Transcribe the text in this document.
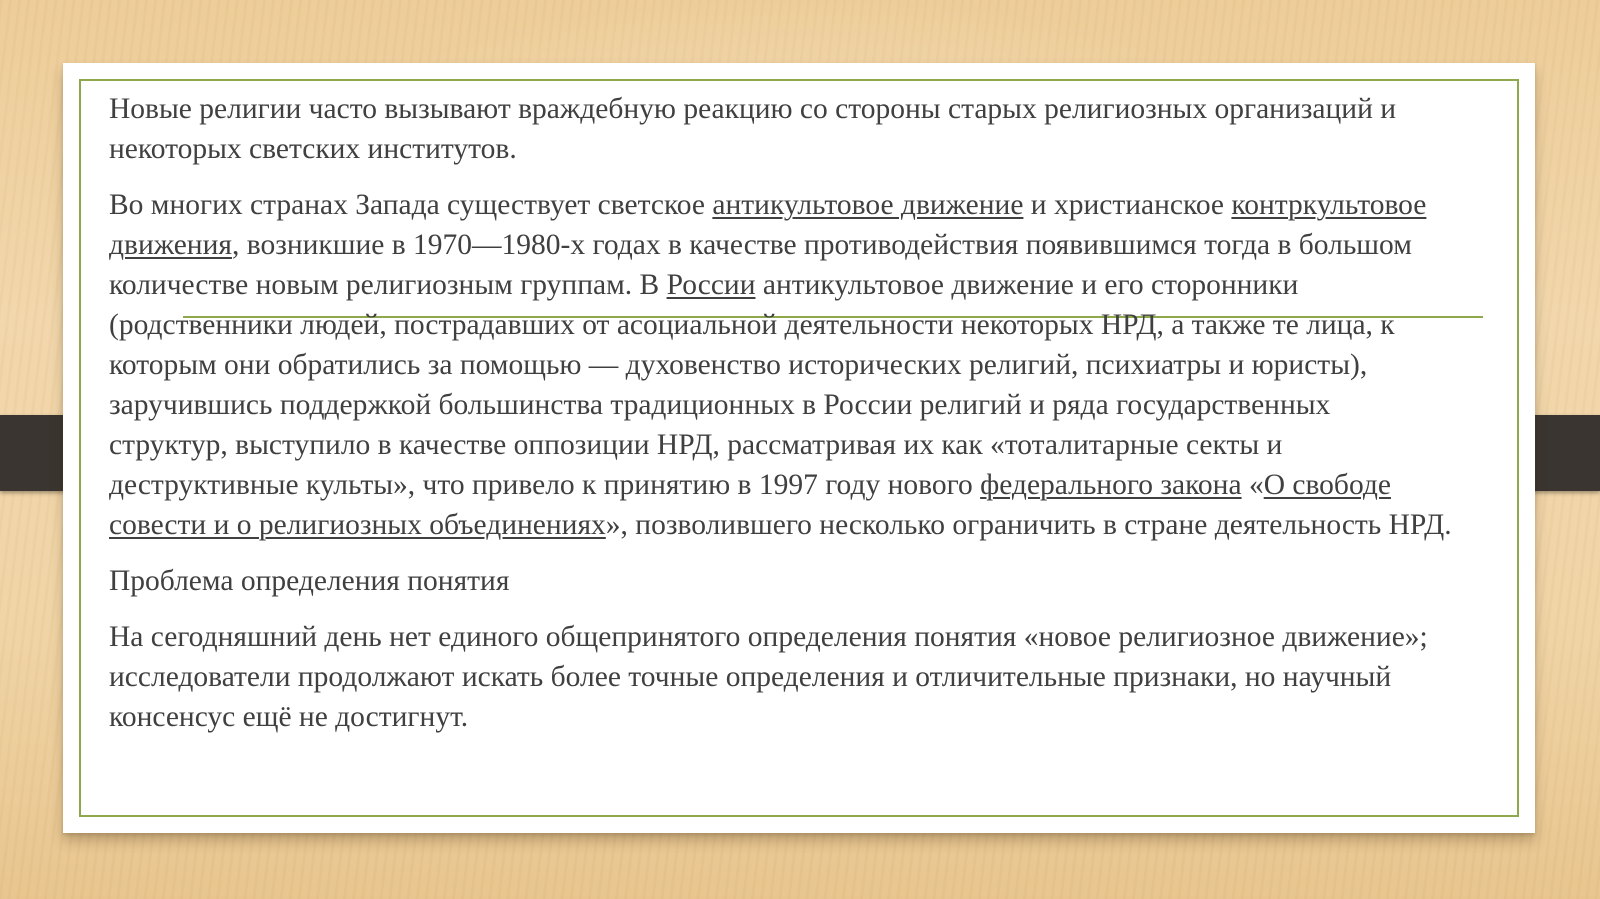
Новые религии часто вызывают враждебную реакцию со стороны старых религиозных организаций и некоторых светских институтов.

Во многих странах Запада существует светское антикультовое движение и христианское контркультовое движения, возникшие в 1970—1980-х годах в качестве противодействия появившимся тогда в большом количестве новым религиозным группам. В России антикультовое движение и его сторонники (родственники людей, пострадавших от асоциальной деятельности некоторых НРД, а также те лица, к которым они обратились за помощью — духовенство исторических религий, психиатры и юристы), заручившись поддержкой большинства традиционных в России религий и ряда государственных структур, выступило в качестве оппозиции НРД, рассматривая их как «тоталитарные секты и деструктивные культы», что привело к принятию в 1997 году нового федерального закона «О свободе совести и о религиозных объединениях», позволившего несколько ограничить в стране деятельность НРД.

Проблема определения понятия

На сегодняшний день нет единого общепринятого определения понятия «новое религиозное движение»; исследователи продолжают искать более точные определения и отличительные признаки, но научный консенсус ещё не достигнут.
